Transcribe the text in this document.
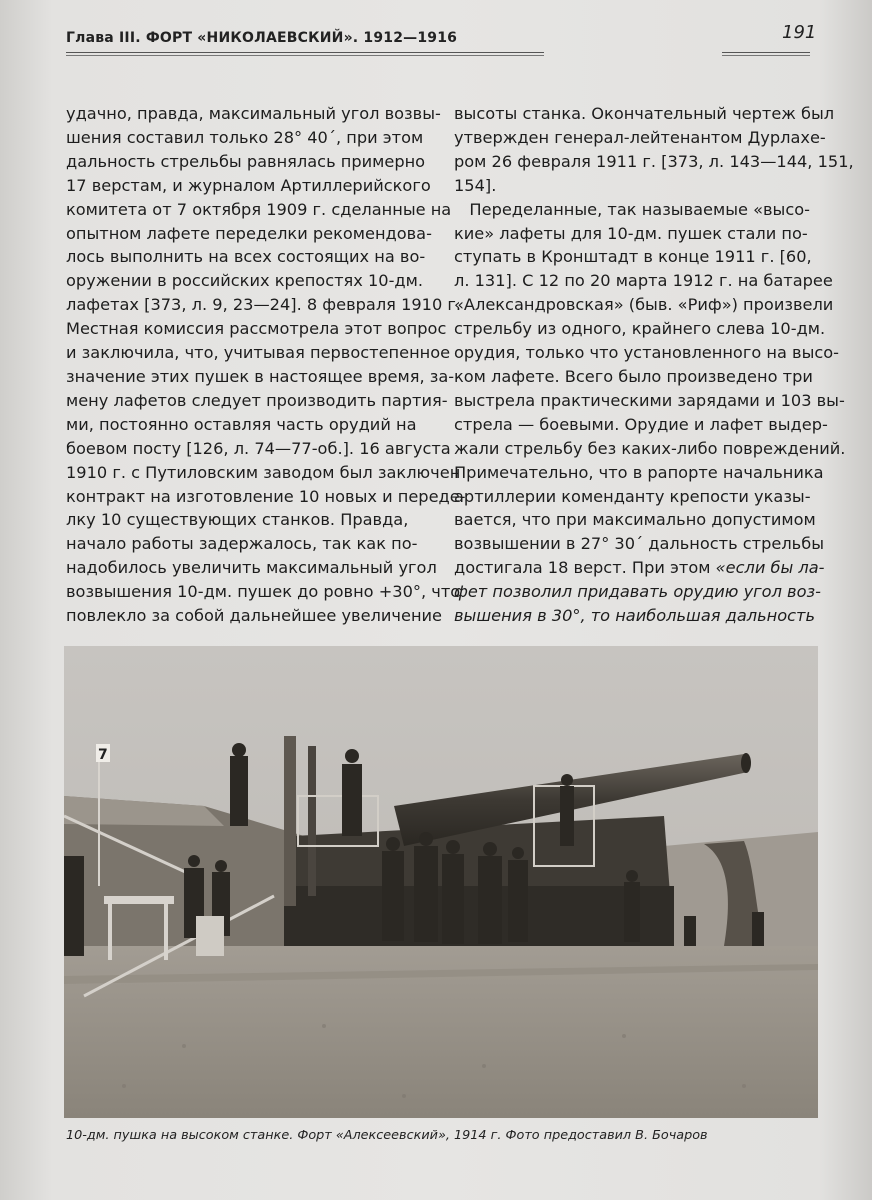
Глава III. ФОРТ «НИКОЛАЕВСКИЙ». 1912—1916	191
удачно, правда, максимальный угол возвы-
шения составил только 28° 40´, при этом
дальность стрельбы равнялась примерно
17 верстам, и журналом Артиллерийского
комитета от 7 октября 1909 г. сделанные на
опытном лафете переделки рекомендова-
лось выполнить на всех состоящих на во-
оружении в российских крепостях 10-дм.
лафетах [373, л. 9, 23—24]. 8 февраля 1910 г.
Местная комиссия рассмотрела этот вопрос
и заключила, что, учитывая первостепенное
значение этих пушек в настоящее время, за-
мену лафетов следует производить партия-
ми, постоянно оставляя часть орудий на
боевом посту [126, л. 74—77-об.]. 16 августа
1910 г. с Путиловским заводом был заключен
контракт на изготовление 10 новых и переде-
лку 10 существующих станков. Правда,
начало работы задержалось, так как по-
надобилось увеличить максимальный угол
возвышения 10-дм. пушек до ровно +30°, что
повлекло за собой дальнейшее увеличение
высоты станка. Окончательный чертеж был
утвержден генерал-лейтенантом Дурлахе-
ром 26 февраля 1911 г. [373, л. 143—144, 151,
154].
Переделанные, так называемые «высо-
кие» лафеты для 10-дм. пушек стали по-
ступать в Кронштадт в конце 1911 г. [60,
л. 131]. С 12 по 20 марта 1912 г. на батарее
«Александровская» (быв. «Риф») произвели
стрельбу из одного, крайнего слева 10-дм.
орудия, только что установленного на высо-
ком лафете. Всего было произведено три
выстрела практическими зарядами и 103 вы-
стрела — боевыми. Орудие и лафет выдер-
жали стрельбу без каких-либо повреждений.
Примечательно, что в рапорте начальника
артиллерии коменданту крепости указы-
вается, что при максимально допустимом
возвышении в 27° 30´ дальность стрельбы
достигала 18 верст. При этом «если бы ла-
фет позволил придавать орудию угол воз-
вышения в 30°, то наибольшая дальность
7
10-дм. пушка на высоком станке. Форт «Алексеевский», 1914 г. Фото предоставил В. Бочаров
